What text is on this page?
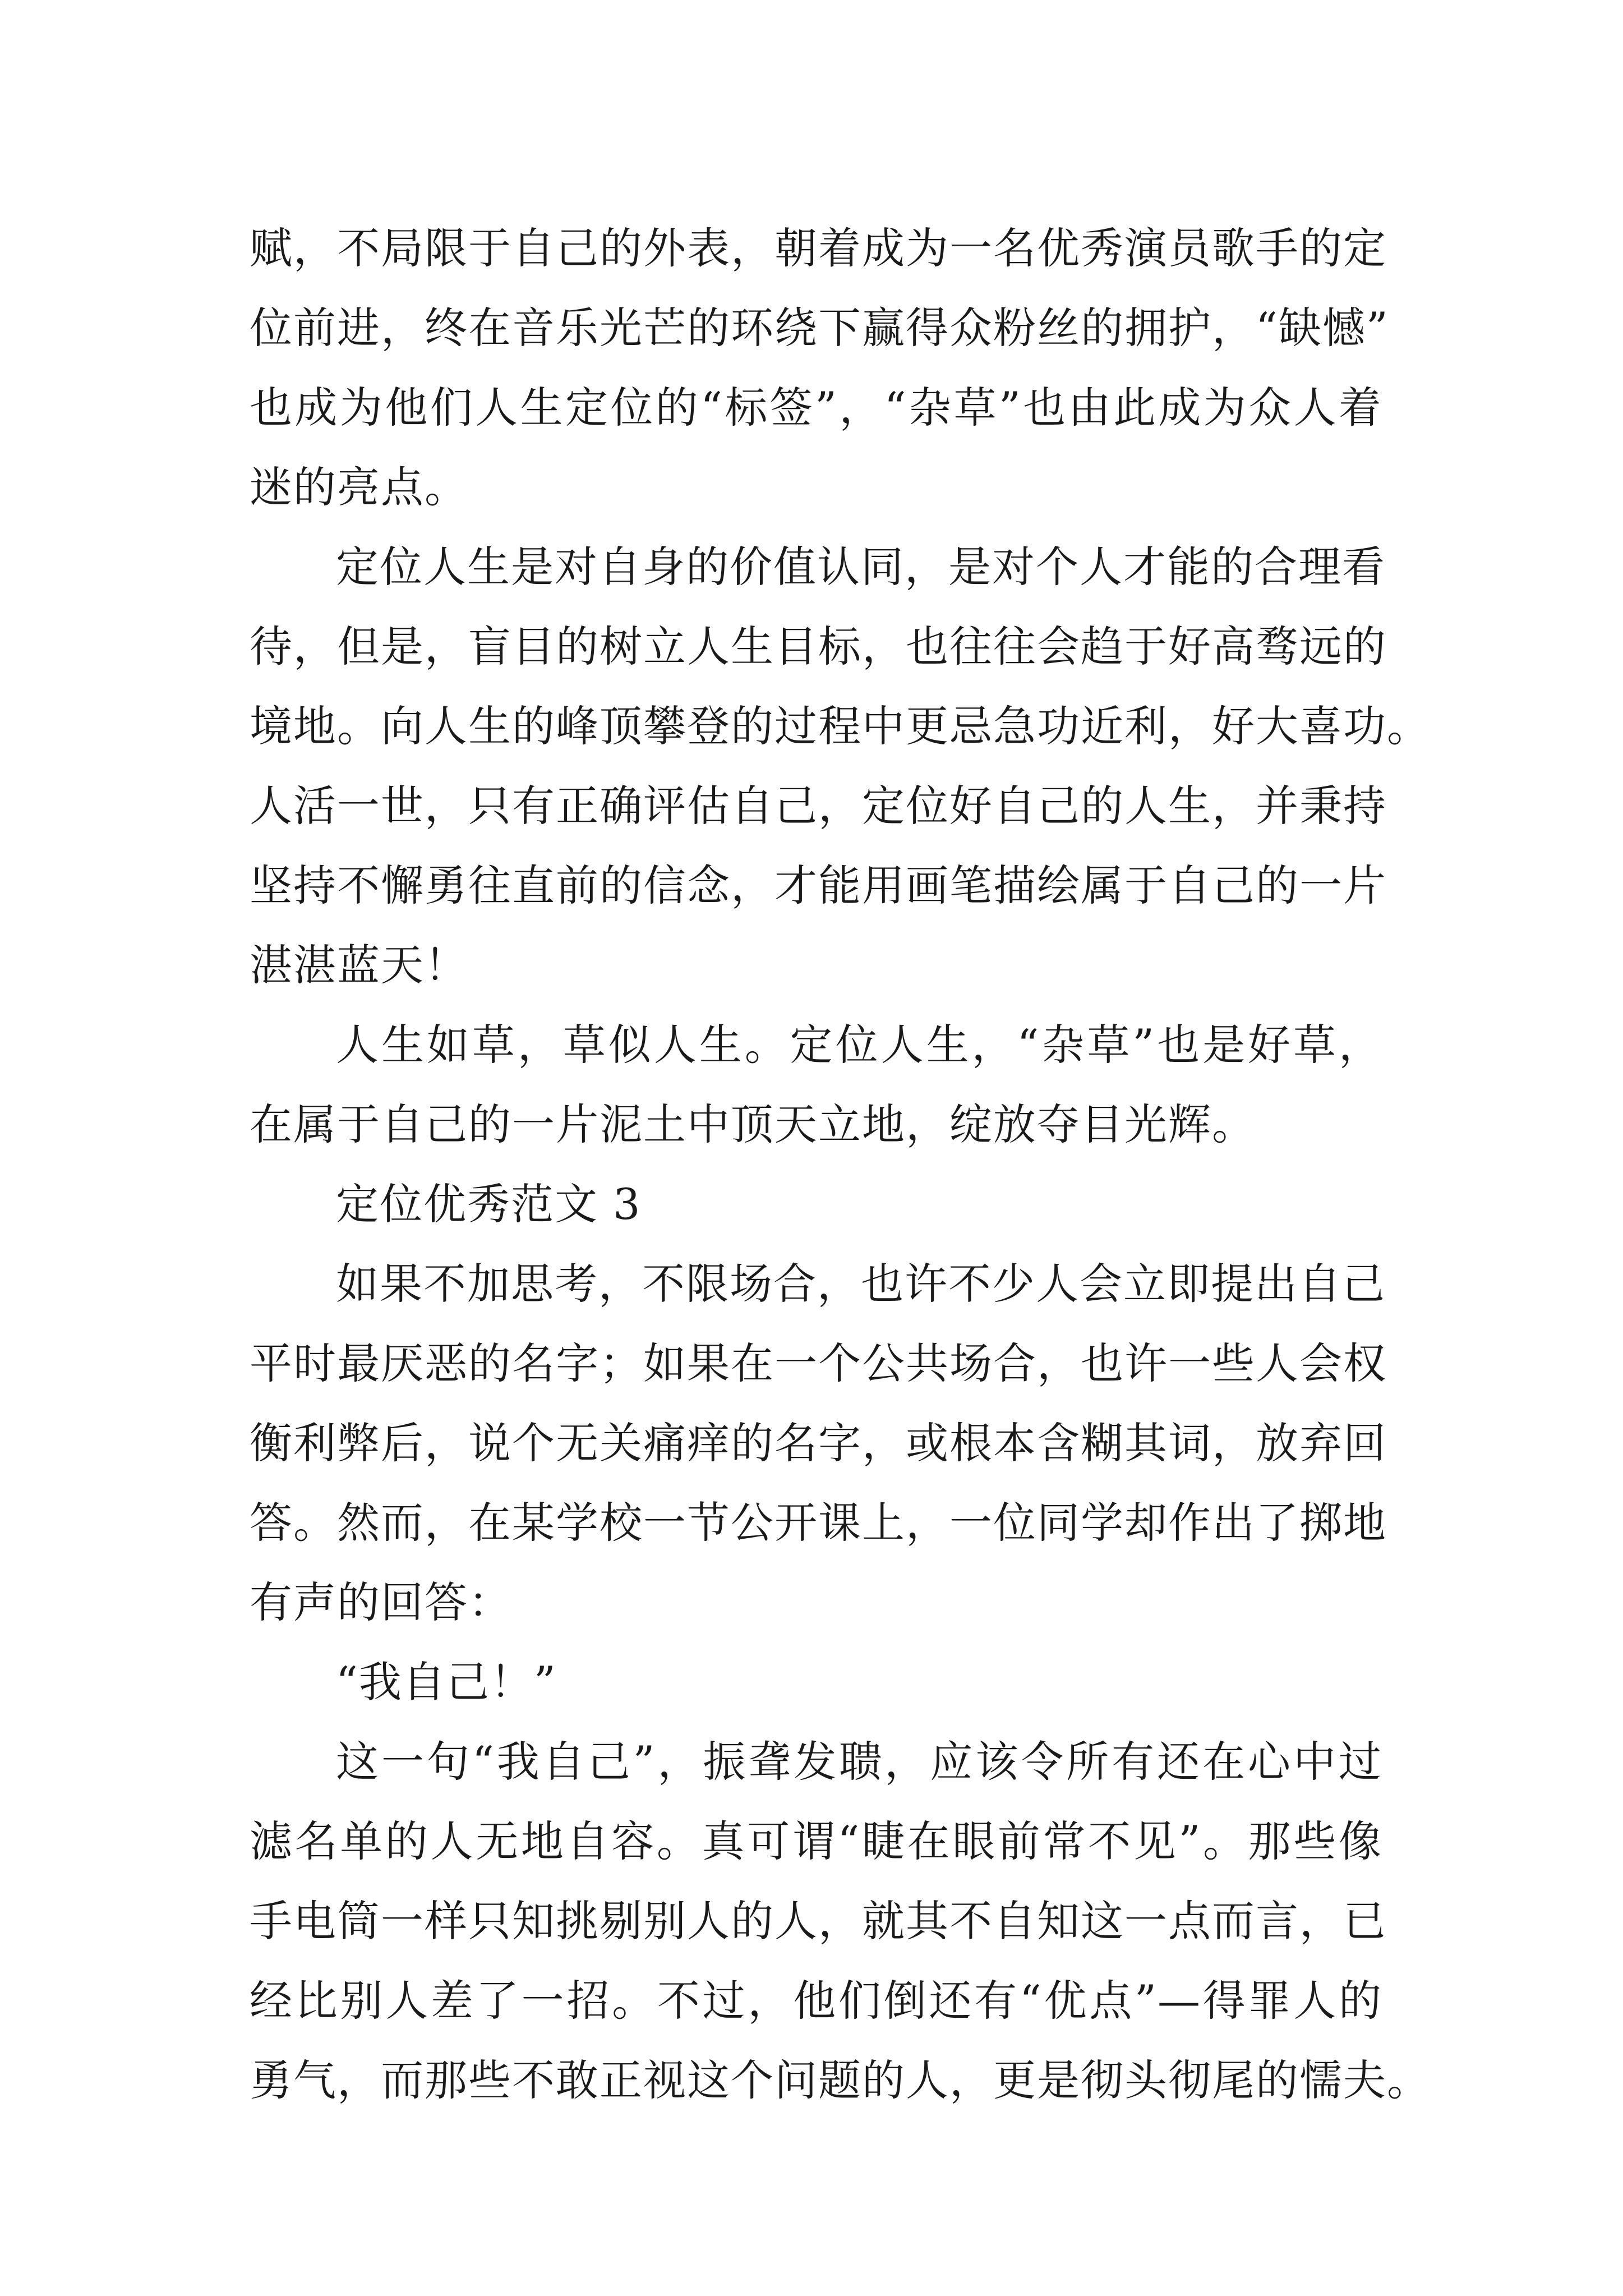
赋，不局限于自己的外表，朝着成为一名优秀演员歌手的定
位前进，终在音乐光芒的环绕下赢得众粉丝的拥护，“缺憾”
也成为他们人生定位的“标签”，“杂草”也由此成为众人着
迷的亮点。
定位人生是对自身的价值认同，是对个人才能的合理看
待，但是，盲目的树立人生目标，也往往会趋于好高骛远的
境地。向人生的峰顶攀登的过程中更忌急功近利，好大喜功。
人活一世，只有正确评估自己，定位好自己的人生，并秉持
坚持不懈勇往直前的信念，才能用画笔描绘属于自己的一片
湛湛蓝天！
人生如草，草似人生。定位人生，“杂草”也是好草，
在属于自己的一片泥土中顶天立地，绽放夺目光辉。
定位优秀范文 3
如果不加思考，不限场合，也许不少人会立即提出自己
平时最厌恶的名字；如果在一个公共场合，也许一些人会权
衡利弊后，说个无关痛痒的名字，或根本含糊其词，放弃回
答。然而，在某学校一节公开课上，一位同学却作出了掷地
有声的回答：
“我自己！”
这一句“我自己”，振聋发聩，应该令所有还在心中过
滤名单的人无地自容。真可谓“睫在眼前常不见”。那些像
手电筒一样只知挑剔别人的人，就其不自知这一点而言，已
经比别人差了一招。不过，他们倒还有“优点”—得罪人的
勇气，而那些不敢正视这个问题的人，更是彻头彻尾的懦夫。
